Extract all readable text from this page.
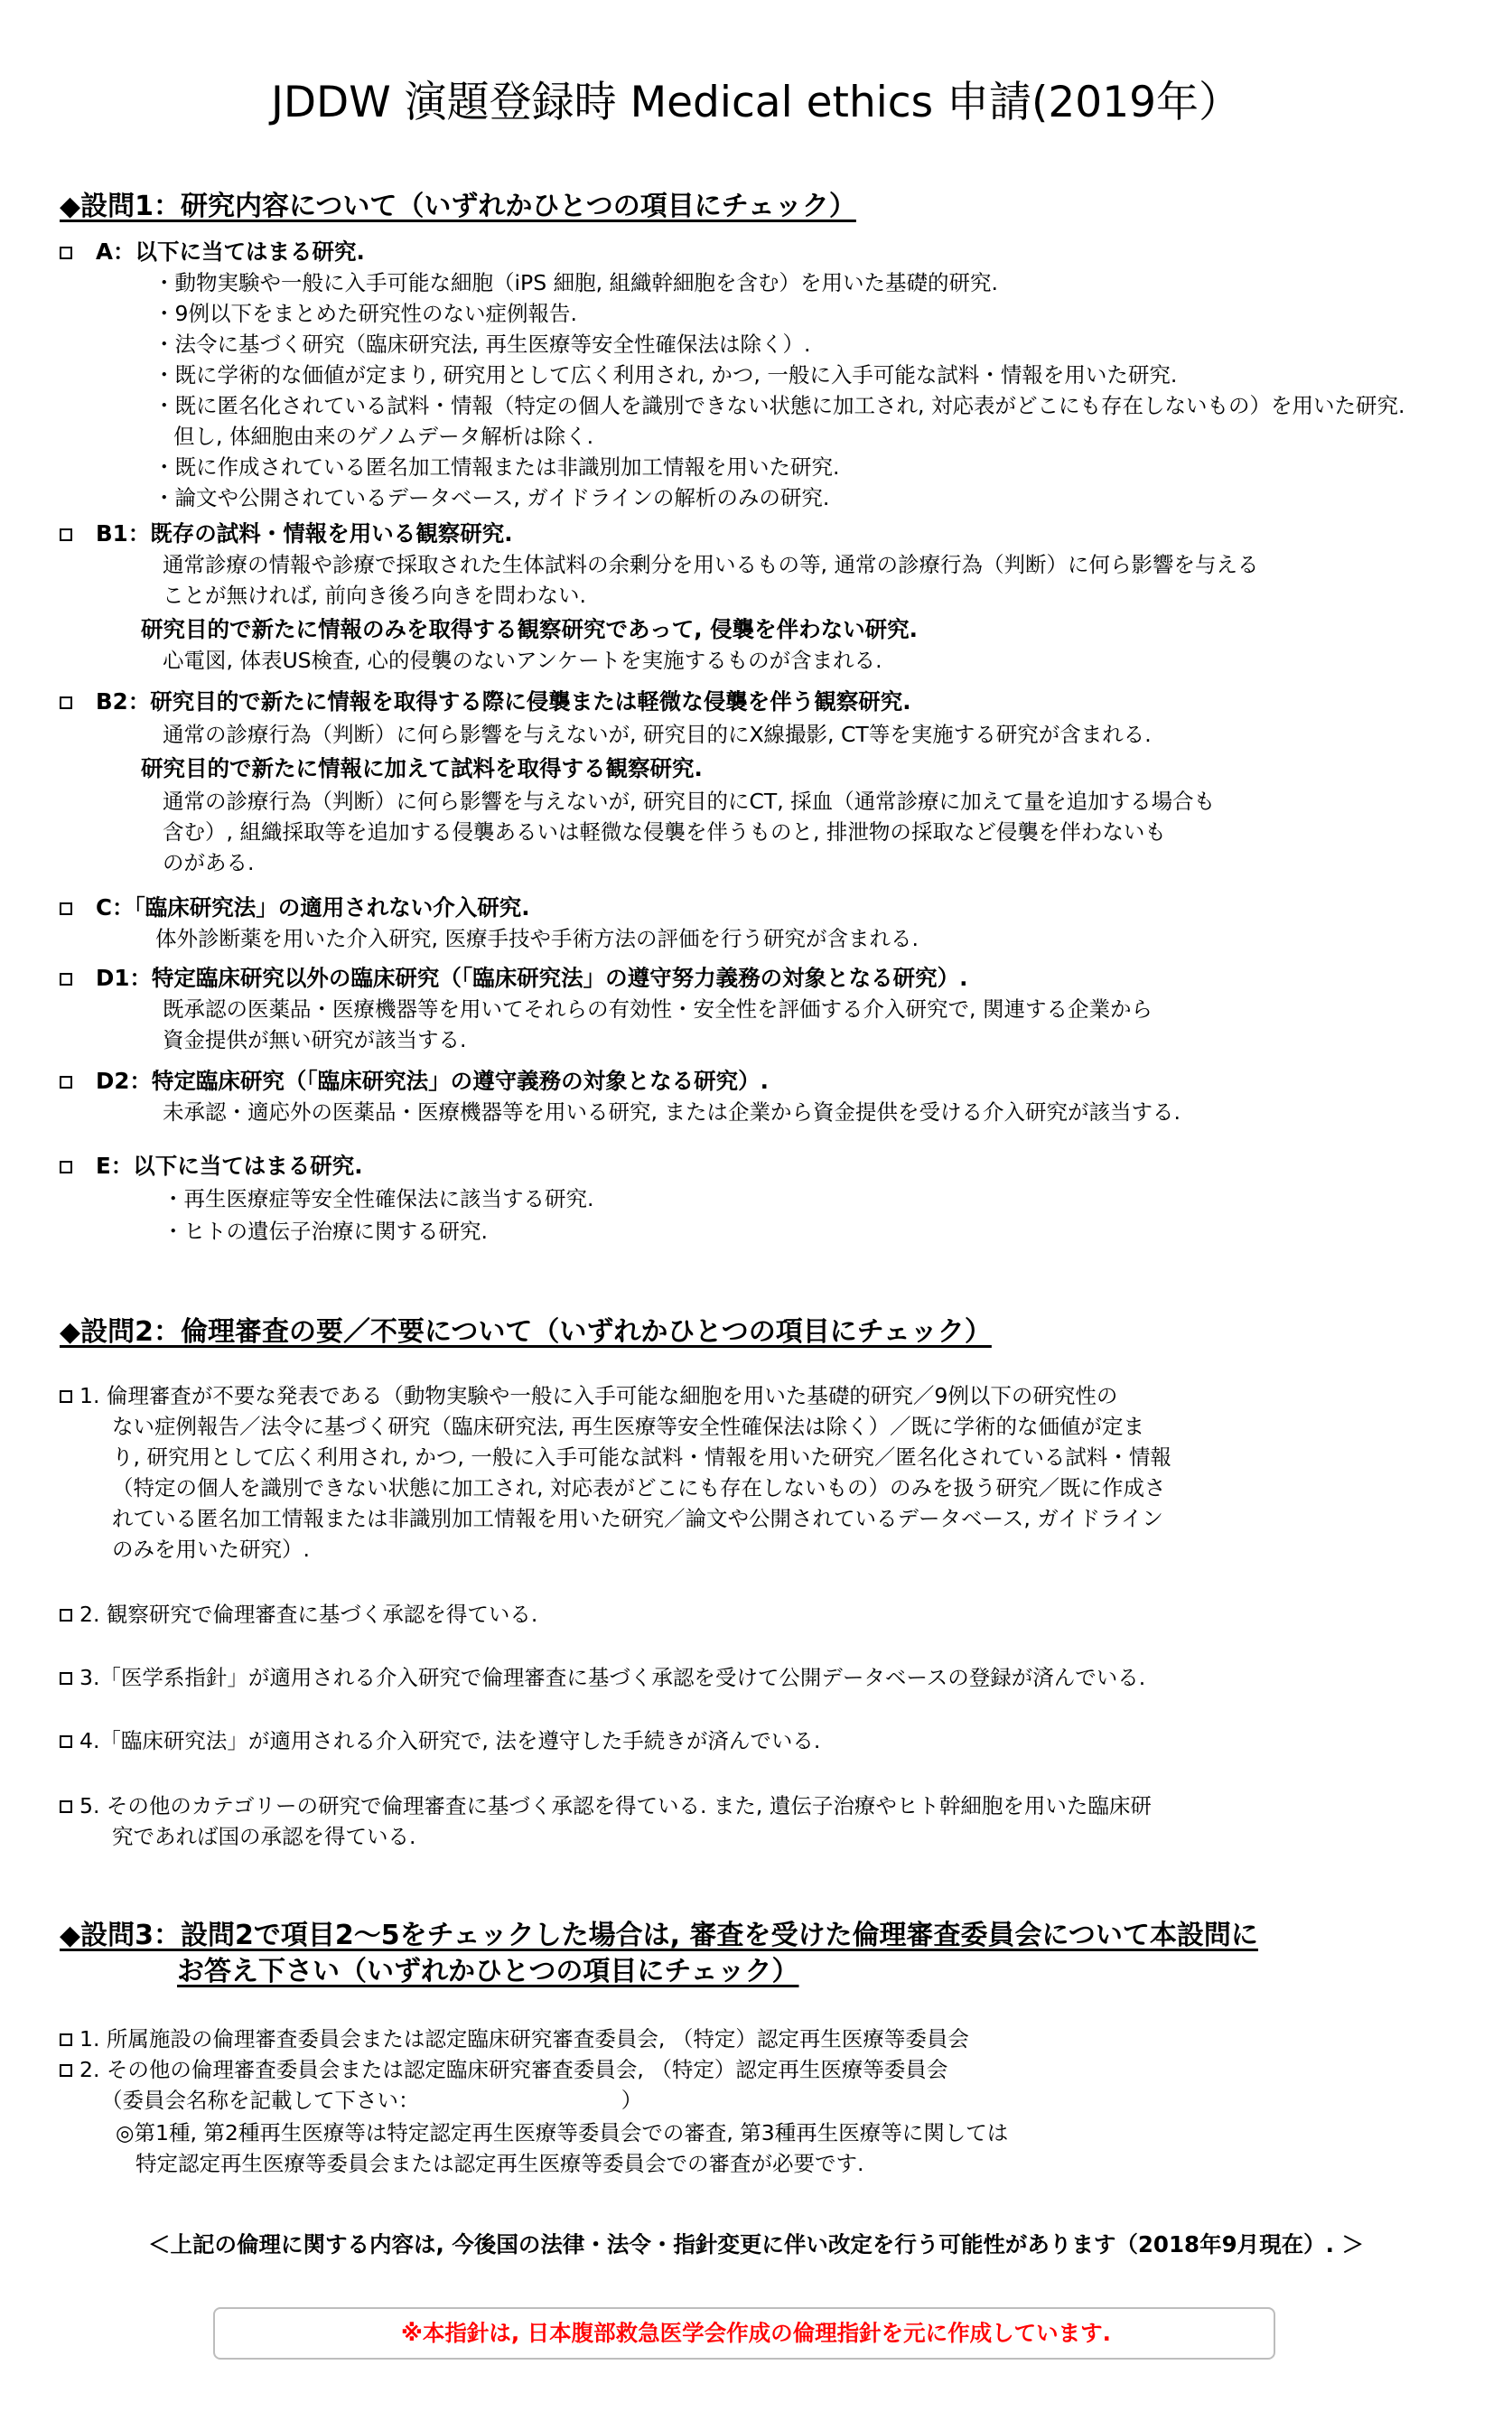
JDDW 演題登録時 Medical ethics 申請(2019年）
◆設問1：研究内容について（いずれかひとつの項目にチェック）
A：以下に当てはまる研究.
・動物実験や一般に入手可能な細胞（iPS 細胞, 組織幹細胞を含む）を用いた基礎的研究.
・9例以下をまとめた研究性のない症例報告.
・法令に基づく研究（臨床研究法, 再生医療等安全性確保法は除く）.
・既に学術的な価値が定まり, 研究用として広く利用され, かつ, 一般に入手可能な試料・情報を用いた研究.
・既に匿名化されている試料・情報（特定の個人を識別できない状態に加工され, 対応表がどこにも存在しないもの）を用いた研究.
但し, 体細胞由来のゲノムデータ解析は除く.
・既に作成されている匿名加工情報または非識別加工情報を用いた研究.
・論文や公開されているデータベース, ガイドラインの解析のみの研究.
B1：既存の試料・情報を用いる観察研究.
通常診療の情報や診療で採取された生体試料の余剰分を用いるもの等, 通常の診療行為（判断）に何ら影響を与える
ことが無ければ, 前向き後ろ向きを問わない.
研究目的で新たに情報のみを取得する観察研究であって, 侵襲を伴わない研究.
心電図, 体表US検査, 心的侵襲のないアンケートを実施するものが含まれる.
B2：研究目的で新たに情報を取得する際に侵襲または軽微な侵襲を伴う観察研究.
通常の診療行為（判断）に何ら影響を与えないが, 研究目的にX線撮影, CT等を実施する研究が含まれる.
研究目的で新たに情報に加えて試料を取得する観察研究.
通常の診療行為（判断）に何ら影響を与えないが, 研究目的にCT, 採血（通常診療に加えて量を追加する場合も
含む）, 組織採取等を追加する侵襲あるいは軽微な侵襲を伴うものと, 排泄物の採取など侵襲を伴わないも
のがある.
C：「臨床研究法」の適用されない介入研究.
体外診断薬を用いた介入研究, 医療手技や手術方法の評価を行う研究が含まれる.
D1：特定臨床研究以外の臨床研究（「臨床研究法」の遵守努力義務の対象となる研究）.
既承認の医薬品・医療機器等を用いてそれらの有効性・安全性を評価する介入研究で, 関連する企業から
資金提供が無い研究が該当する.
D2：特定臨床研究（「臨床研究法」の遵守義務の対象となる研究）.
未承認・適応外の医薬品・医療機器等を用いる研究, または企業から資金提供を受ける介入研究が該当する.
E：以下に当てはまる研究.
・再生医療症等安全性確保法に該当する研究.
・ヒトの遺伝子治療に関する研究.
◆設問2：倫理審査の要／不要について（いずれかひとつの項目にチェック）
1. 倫理審査が不要な発表である（動物実験や一般に入手可能な細胞を用いた基礎的研究／9例以下の研究性の
ない症例報告／法令に基づく研究（臨床研究法, 再生医療等安全性確保法は除く）／既に学術的な価値が定ま
り, 研究用として広く利用され, かつ, 一般に入手可能な試料・情報を用いた研究／匿名化されている試料・情報
（特定の個人を識別できない状態に加工され, 対応表がどこにも存在しないもの）のみを扱う研究／既に作成さ
れている匿名加工情報または非識別加工情報を用いた研究／論文や公開されているデータベース, ガイドライン
のみを用いた研究）.
2. 観察研究で倫理審査に基づく承認を得ている.
3.「医学系指針」が適用される介入研究で倫理審査に基づく承認を受けて公開データベースの登録が済んでいる.
4.「臨床研究法」が適用される介入研究で, 法を遵守した手続きが済んでいる.
5. その他のカテゴリーの研究で倫理審査に基づく承認を得ている. また, 遺伝子治療やヒト幹細胞を用いた臨床研
究であれば国の承認を得ている.
◆設問3：設問2で項目2～5をチェックした場合は, 審査を受けた倫理審査委員会について本設問に
お答え下さい（いずれかひとつの項目にチェック）
1. 所属施設の倫理審査委員会または認定臨床研究審査委員会, （特定）認定再生医療等委員会
2. その他の倫理審査委員会または認定臨床研究審査委員会, （特定）認定再生医療等委員会
（委員会名称を記載して下さい：　　　　　　　　　　）
◎第1種, 第2種再生医療等は特定認定再生医療等委員会での審査, 第3種再生医療等に関しては
特定認定再生医療等委員会または認定再生医療等委員会での審査が必要です.
＜上記の倫理に関する内容は, 今後国の法律・法令・指針変更に伴い改定を行う可能性があります（2018年9月現在）. ＞
※本指針は, 日本腹部救急医学会作成の倫理指針を元に作成しています.
